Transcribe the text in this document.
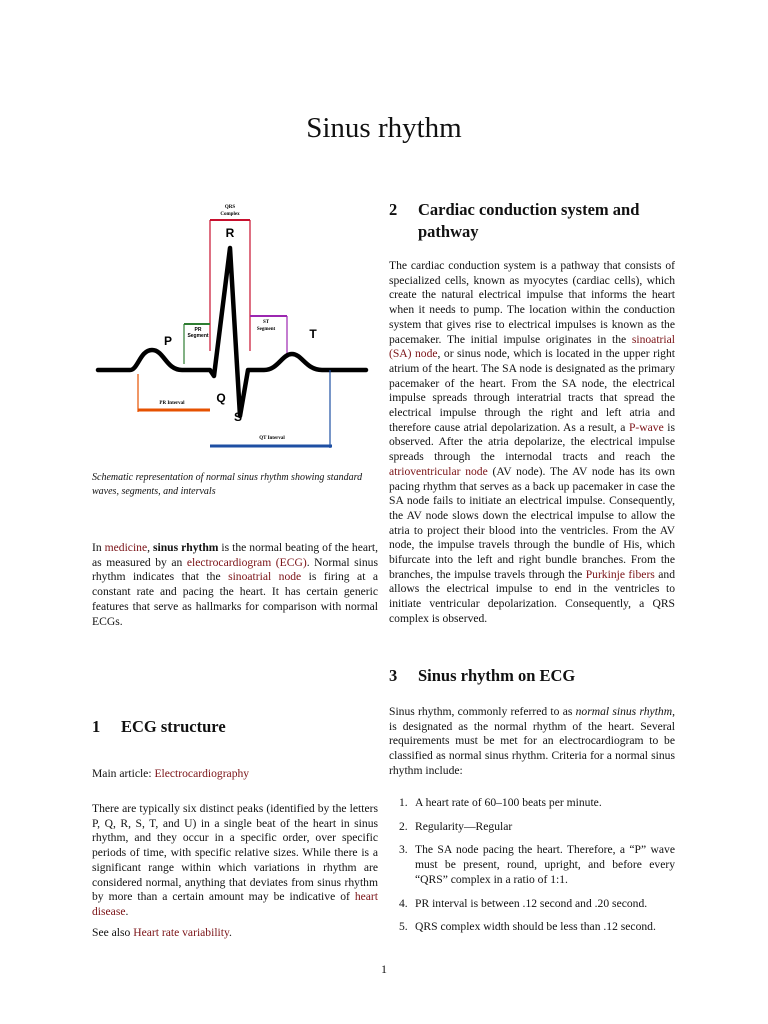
Sinus rhythm
QRS
Complex
PR
Segment
ST
Segment
PR Interval
QT Interval
R
P
Q
S
T

Schematic representation of normal sinus rhythm showing standard waves, segments, and intervals

In medicine, sinus rhythm is the normal beating of the heart, as measured by an electrocardiogram (ECG). Normal sinus rhythm indicates that the sinoatrial node is firing at a constant rate and pacing the heart. It has certain generic features that serve as hallmarks for comparison with normal ECGs.

1 ECG structure

Main article: Electrocardiography

There are typically six distinct peaks (identified by the letters P, Q, R, S, T, and U) in a single beat of the heart in sinus rhythm, and they occur in a specific order, over specific periods of time, with specific relative sizes. While there is a significant range within which variations in rhythm are considered normal, anything that deviates from sinus rhythm by more than a certain amount may be indicative of heart disease.

See also Heart rate variability.

2	Cardiac conduction system and pathway

The cardiac conduction system is a pathway that consists of specialized cells, known as myocytes (cardiac cells), which create the natural electrical impulse that informs the heart when it needs to pump. The location within the conduction system that gives rise to electrical impulses is known as the pacemaker. The initial impulse originates in the sinoatrial (SA) node, or sinus node, which is located in the upper right atrium of the heart. The SA node is designated as the primary pacemaker of the heart. From the SA node, the electrical impulse spreads through interatrial tracts that spread the electrical impulse through the right and left atria and therefore cause atrial depolarization. As a result, a P-wave is observed. After the atria depolarize, the electrical impulse spreads through the internodal tracts and reach the atrioventricular node (AV node). The AV node has its own pacing rhythm that serves as a back up pacemaker in case the SA node fails to initiate an electrical impulse. Consequently, the AV node slows down the electrical impulse to allow the atria to project their blood into the ventricles. From the AV node, the impulse travels through the bundle of His, which bifurcate into the left and right bundle branches. From the branches, the impulse travels through the Purkinje fibers and allows the electrical impulse to end in the ventricles to initiate ventricular depolarization. Consequently, a QRS complex is observed.

3 Sinus rhythm on ECG

Sinus rhythm, commonly referred to as normal sinus rhythm, is designated as the normal rhythm of the heart. Several requirements must be met for an electrocardiogram to be classified as normal sinus rhythm. Criteria for a normal sinus rhythm include:

1. A heart rate of 60–100 beats per minute.
2. Regularity—Regular
3. The SA node pacing the heart. Therefore, a “P” wave must be present, round, upright, and before every “QRS” complex in a ratio of 1:1.
4. PR interval is between .12 second and .20 second.
5. QRS complex width should be less than .12 second.
1
